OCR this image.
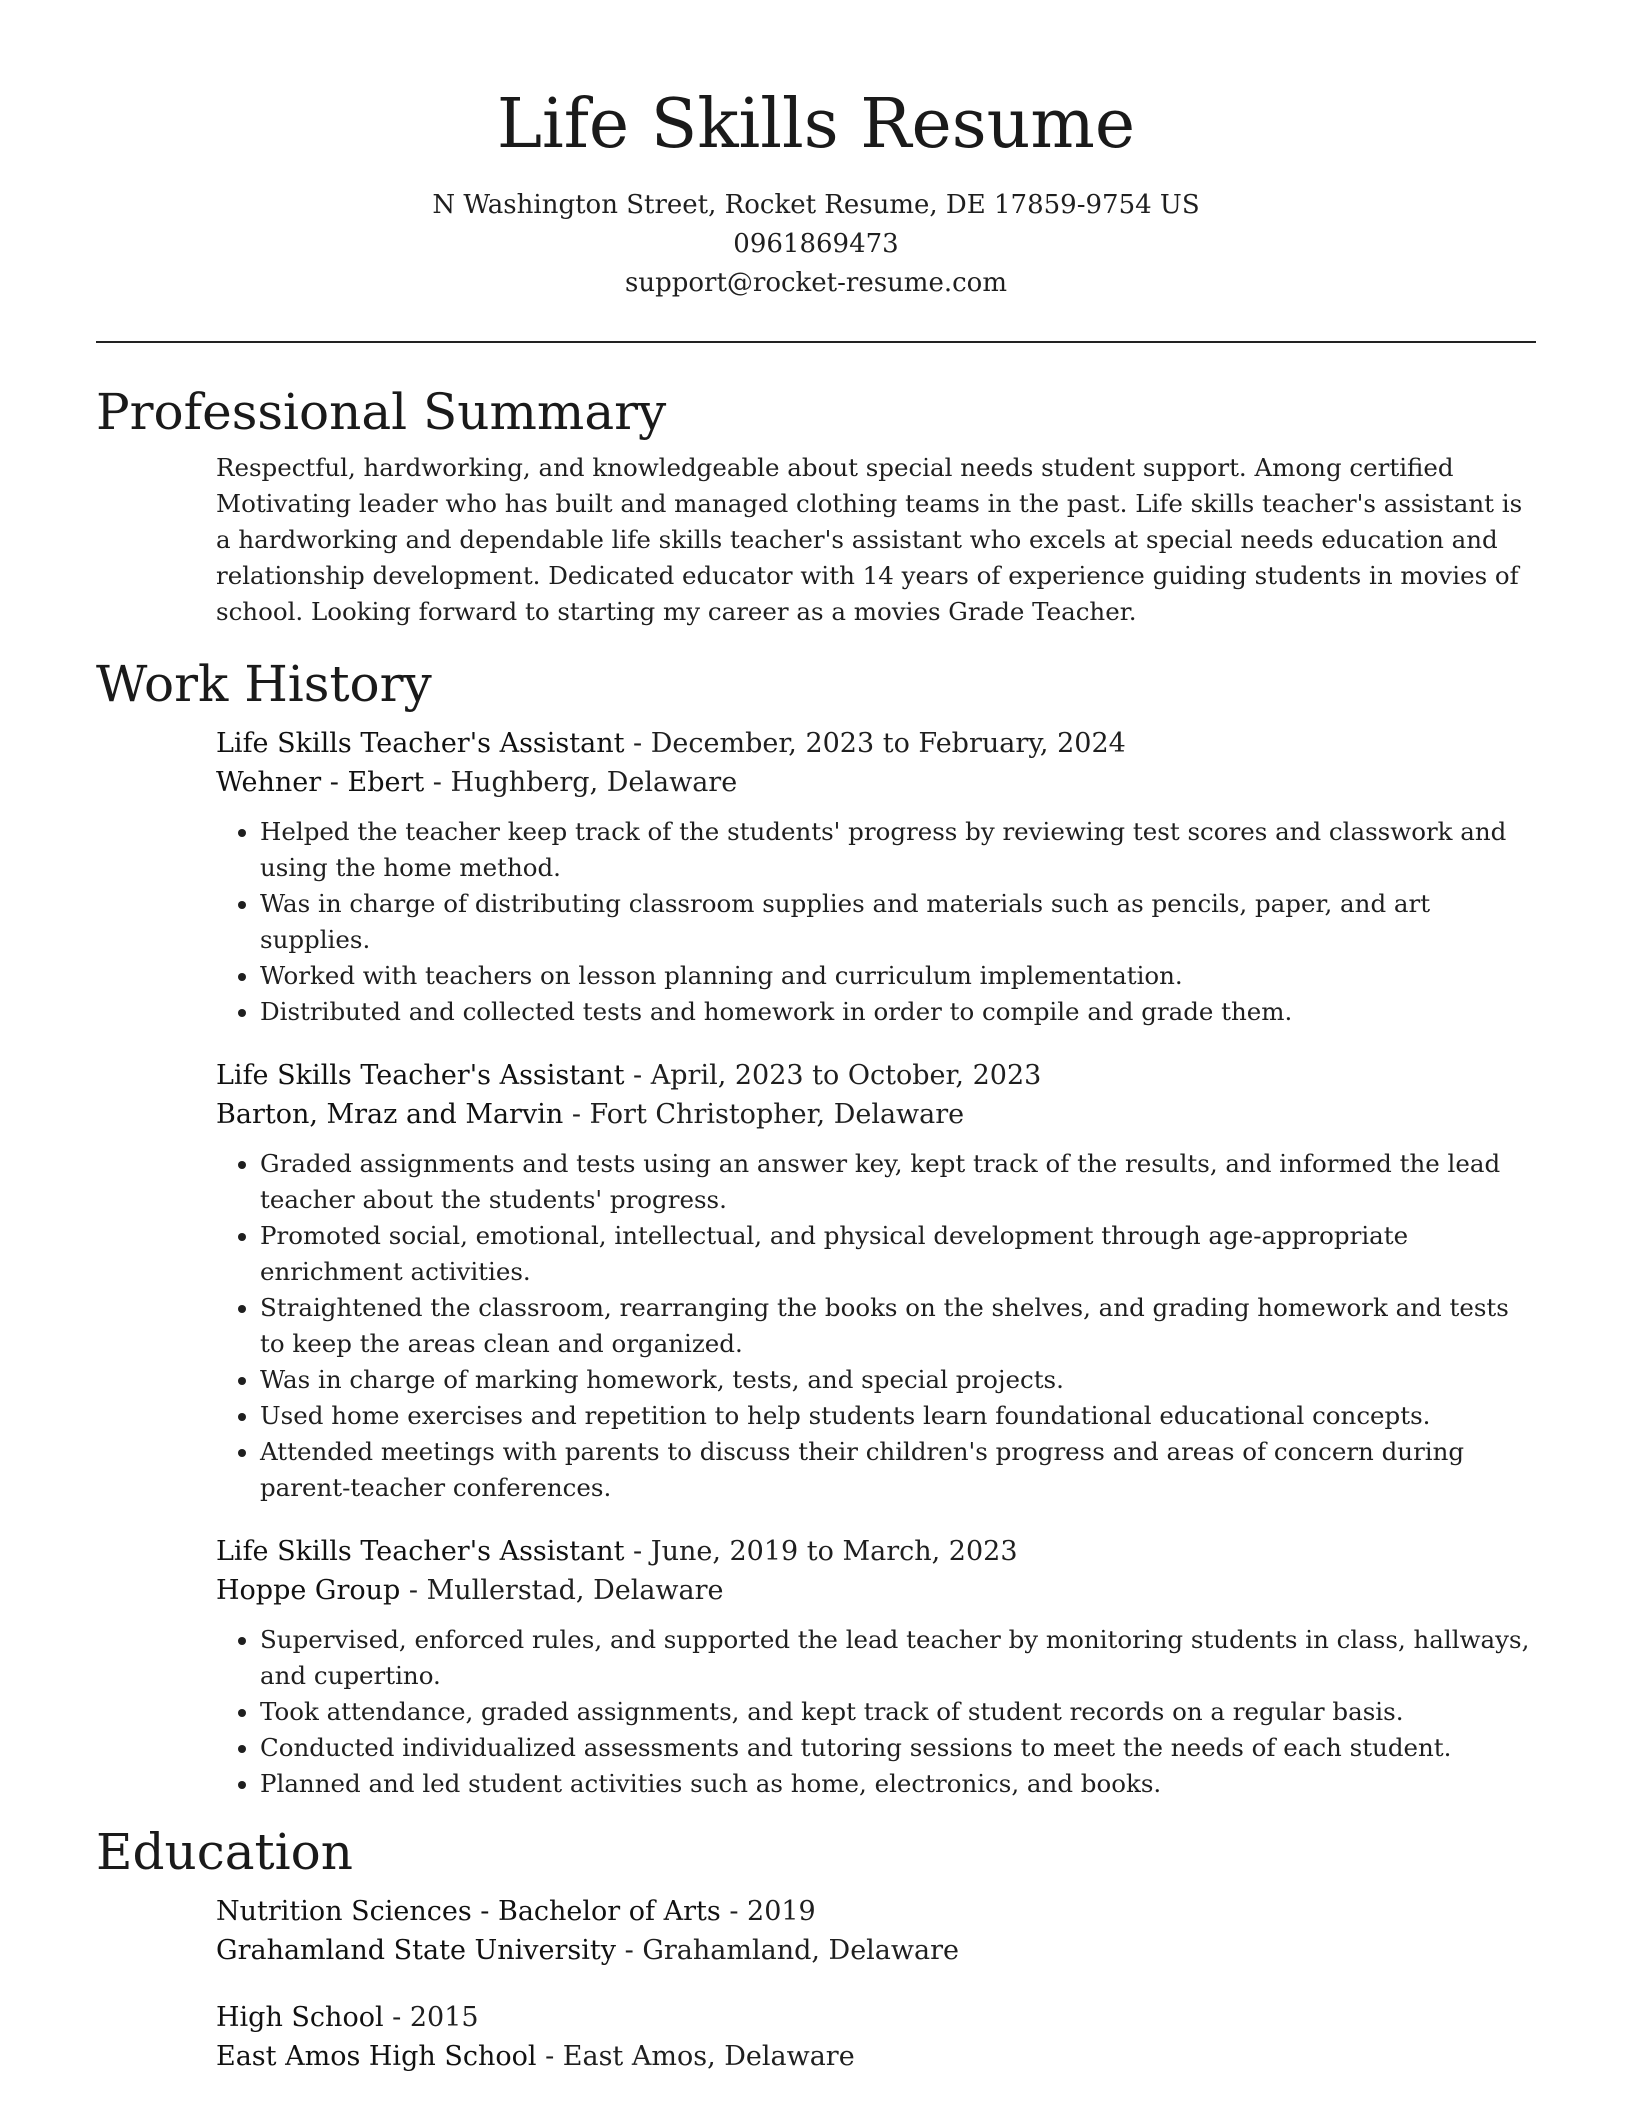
Life Skills Resume

N Washington Street, Rocket Resume, DE 17859-9754 US

0961869473

support@rocket-resume.com

Professional Summary

Respectful, hardworking, and knowledgeable about special needs student support. Among certified Motivating leader who has built and managed clothing teams in the past. Life skills teacher's assistant is a hardworking and dependable life skills teacher's assistant who excels at special needs education and relationship development. Dedicated educator with 14 years of experience guiding students in movies of school. Looking forward to starting my career as a movies Grade Teacher.

Work History

Life Skills Teacher's Assistant - December, 2023 to February, 2024

Wehner - Ebert - Hughberg, Delaware

• Helped the teacher keep track of the students' progress by reviewing test scores and classwork and using the home method.
• Was in charge of distributing classroom supplies and materials such as pencils, paper, and art supplies.
• Worked with teachers on lesson planning and curriculum implementation.
• Distributed and collected tests and homework in order to compile and grade them.

Life Skills Teacher's Assistant - April, 2023 to October, 2023

Barton, Mraz and Marvin - Fort Christopher, Delaware

• Graded assignments and tests using an answer key, kept track of the results, and informed the lead teacher about the students' progress.
• Promoted social, emotional, intellectual, and physical development through age-appropriate enrichment activities.
• Straightened the classroom, rearranging the books on the shelves, and grading homework and tests to keep the areas clean and organized.
• Was in charge of marking homework, tests, and special projects.
• Used home exercises and repetition to help students learn foundational educational concepts.
• Attended meetings with parents to discuss their children's progress and areas of concern during parent-teacher conferences.

Life Skills Teacher's Assistant - June, 2019 to March, 2023

Hoppe Group - Mullerstad, Delaware

• Supervised, enforced rules, and supported the lead teacher by monitoring students in class, hallways, and cupertino.
• Took attendance, graded assignments, and kept track of student records on a regular basis.
• Conducted individualized assessments and tutoring sessions to meet the needs of each student.
• Planned and led student activities such as home, electronics, and books.
Education

Nutrition Sciences - Bachelor of Arts - 2019

Grahamland State University - Grahamland, Delaware

High School - 2015

East Amos High School - East Amos, Delaware
